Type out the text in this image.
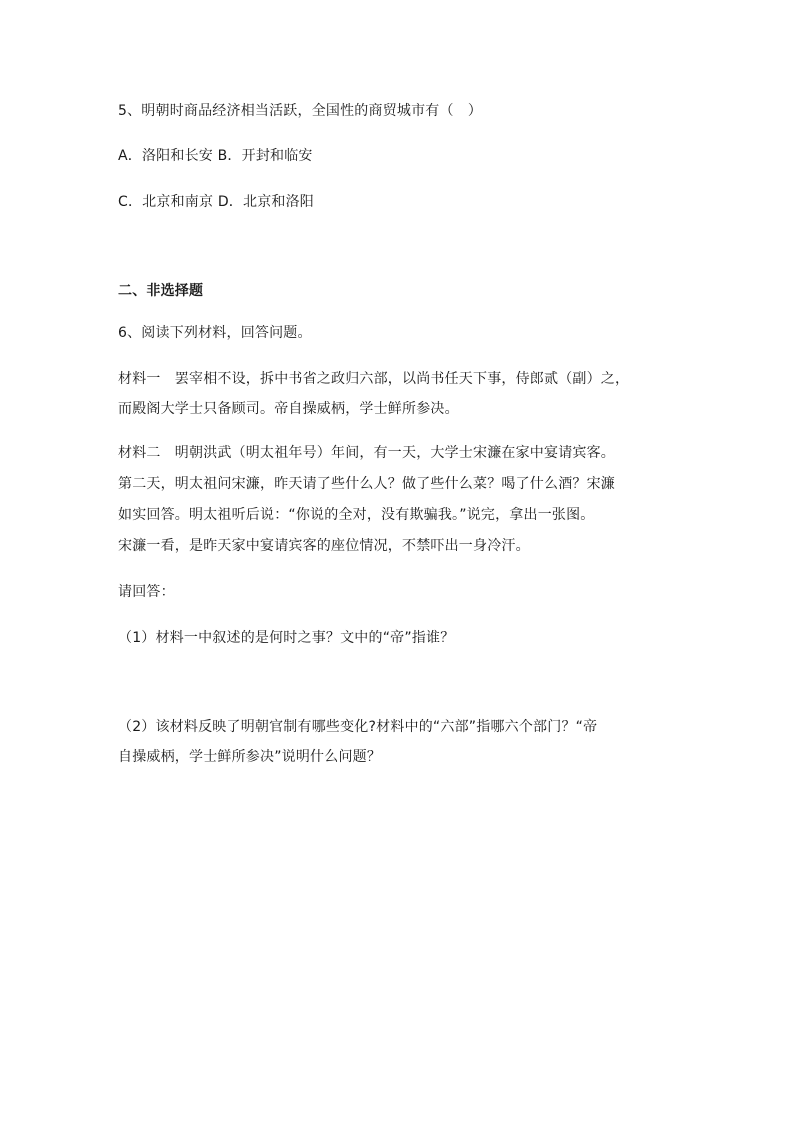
5、明朝时商品经济相当活跃，全国性的商贸城市有（　）
A．洛阳和长安 B．开封和临安
C．北京和南京 D．北京和洛阳
二、非选择题
6、阅读下列材料，回答问题。
材料一　罢宰相不设，拆中书省之政归六部，以尚书任天下事，侍郎贰（副）之，
而殿阁大学士只备顾司。帝自操威柄，学士鲜所参决。
材料二　明朝洪武（明太祖年号）年间，有一天，大学士宋濂在家中宴请宾客。
第二天，明太祖问宋濂，昨天请了些什么人？做了些什么菜？喝了什么酒？宋濂
如实回答。明太祖听后说：“你说的全对，没有欺骗我。”说完，拿出一张图。
宋濂一看，是昨天家中宴请宾客的座位情况，不禁吓出一身冷汗。
请回答：
（1）材料一中叙述的是何时之事？文中的“帝”指谁？
（2）该材料反映了明朝官制有哪些变化?材料中的“六部”指哪六个部门？“帝
自操威柄，学士鲜所参决”说明什么问题？
